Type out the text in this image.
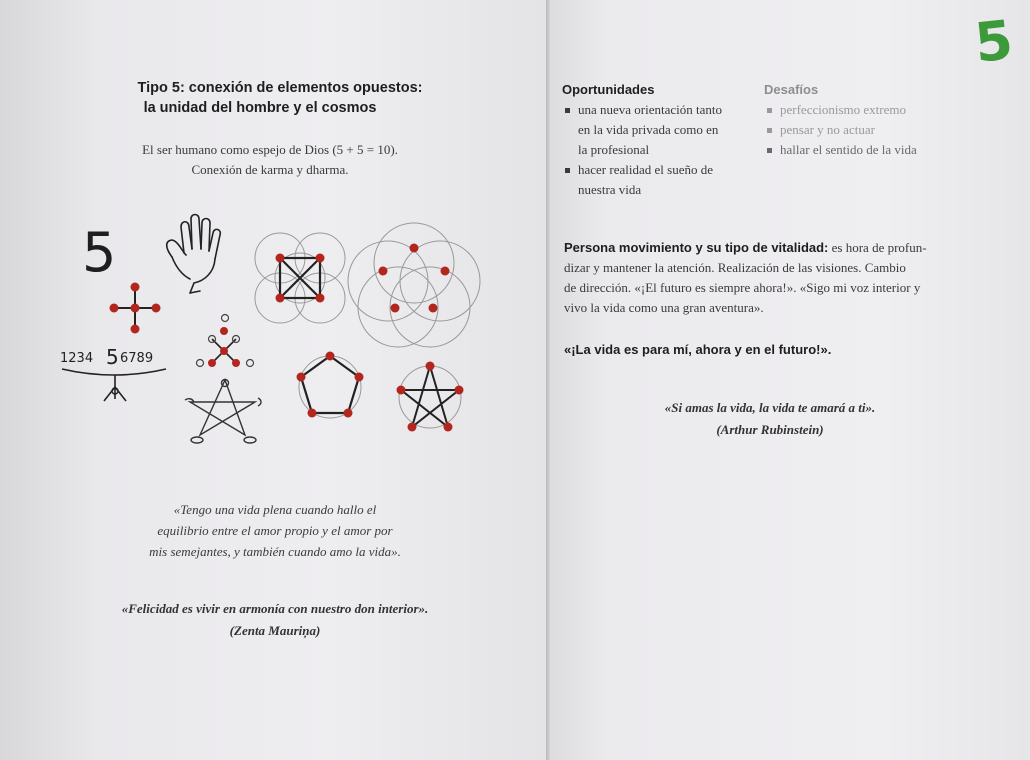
Tipo 5: conexión de elementos opuestos:
la unidad del hombre y el cosmos
El ser humano como espejo de Dios (5 + 5 = 10).
Conexión de karma y dharma.
5
1234 5 6789
«Tengo una vida plena cuando hallo el
equilibrio entre el amor propio y el amor por
mis semejantes, y también cuando amo la vida».
«Felicidad es vivir en armonía con nuestro don interior».
(Zenta Mauriņa)
5
Oportunidades
una nueva orientación tanto
en la vida privada como en
la profesional
hacer realidad el sueño de
nuestra vida
Desafíos
perfeccionismo extremo
pensar y no actuar
hallar el sentido de la vida
Persona movimiento y su tipo de vitalidad: es hora de profun-
dizar y mantener la atención. Realización de las visiones. Cambio
de dirección. «¡El futuro es siempre ahora!». «Sigo mi voz interior y
vivo la vida como una gran aventura».
«¡La vida es para mí, ahora y en el futuro!».
«Si amas la vida, la vida te amará a ti».
(Arthur Rubinstein)
